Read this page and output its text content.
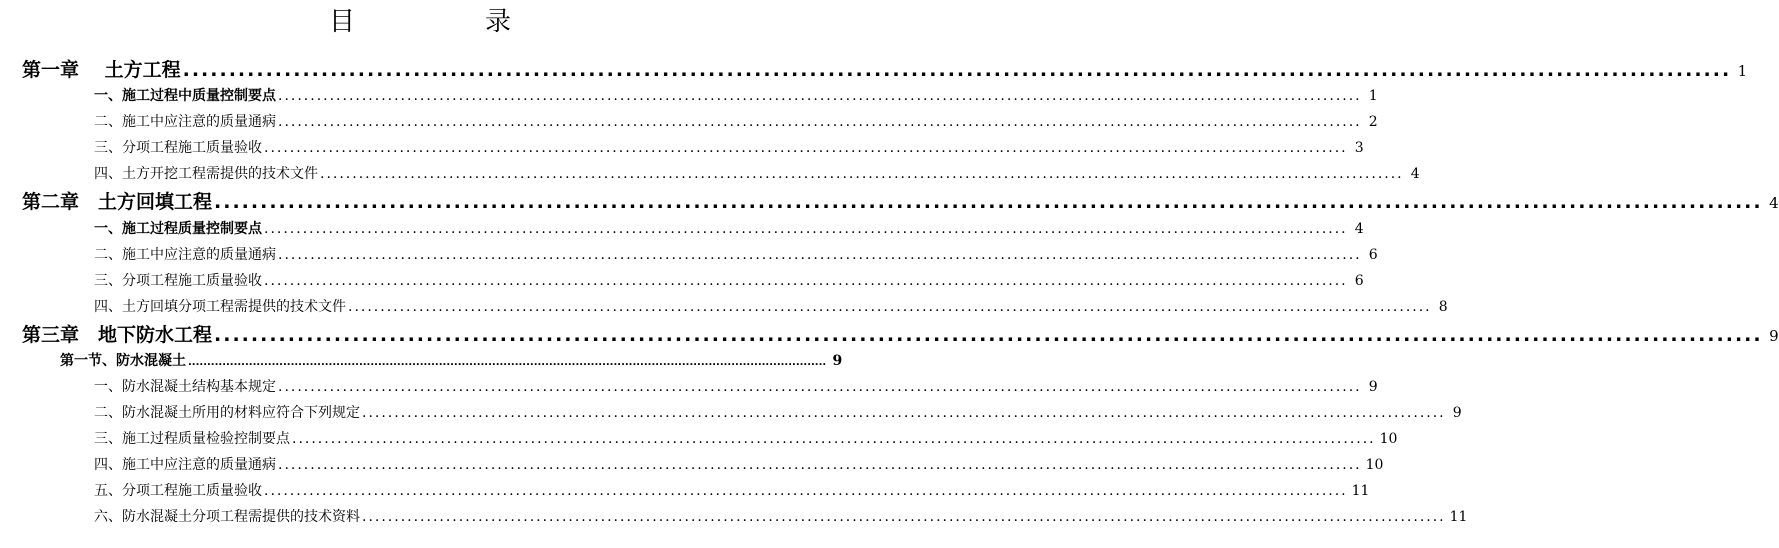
目　录
第一章　 土方工程 ........................................................................................................................................................................ 1
一、施工过程中质量控制要点 ........................................................................................................................................................................ 1
二、施工中应注意的质量通病 ........................................................................................................................................................................ 2
三、分项工程施工质量验收 ........................................................................................................................................................................ 3
四、土方开挖工程需提供的技术文件 ........................................................................................................................................................................ 4
第二章　土方回填工程 ........................................................................................................................................................................ 4
一、施工过程质量控制要点 ........................................................................................................................................................................ 4
二、施工中应注意的质量通病 ........................................................................................................................................................................ 6
三、分项工程施工质量验收 ........................................................................................................................................................................ 6
四、土方回填分项工程需提供的技术文件 ........................................................................................................................................................................ 8
第三章　地下防水工程 ........................................................................................................................................................................ 9
第一节、防水混凝土 ........................................................................................................................................................................ 9
一、防水混凝土结构基本规定 ........................................................................................................................................................................ 9
二、防水混凝土所用的材料应符合下列规定 ........................................................................................................................................................................ 9
三、施工过程质量检验控制要点 ........................................................................................................................................................................ 10
四、施工中应注意的质量通病 ........................................................................................................................................................................ 10
五、分项工程施工质量验收 ........................................................................................................................................................................ 11
六、防水混凝土分项工程需提供的技术资料 ........................................................................................................................................................................ 11
